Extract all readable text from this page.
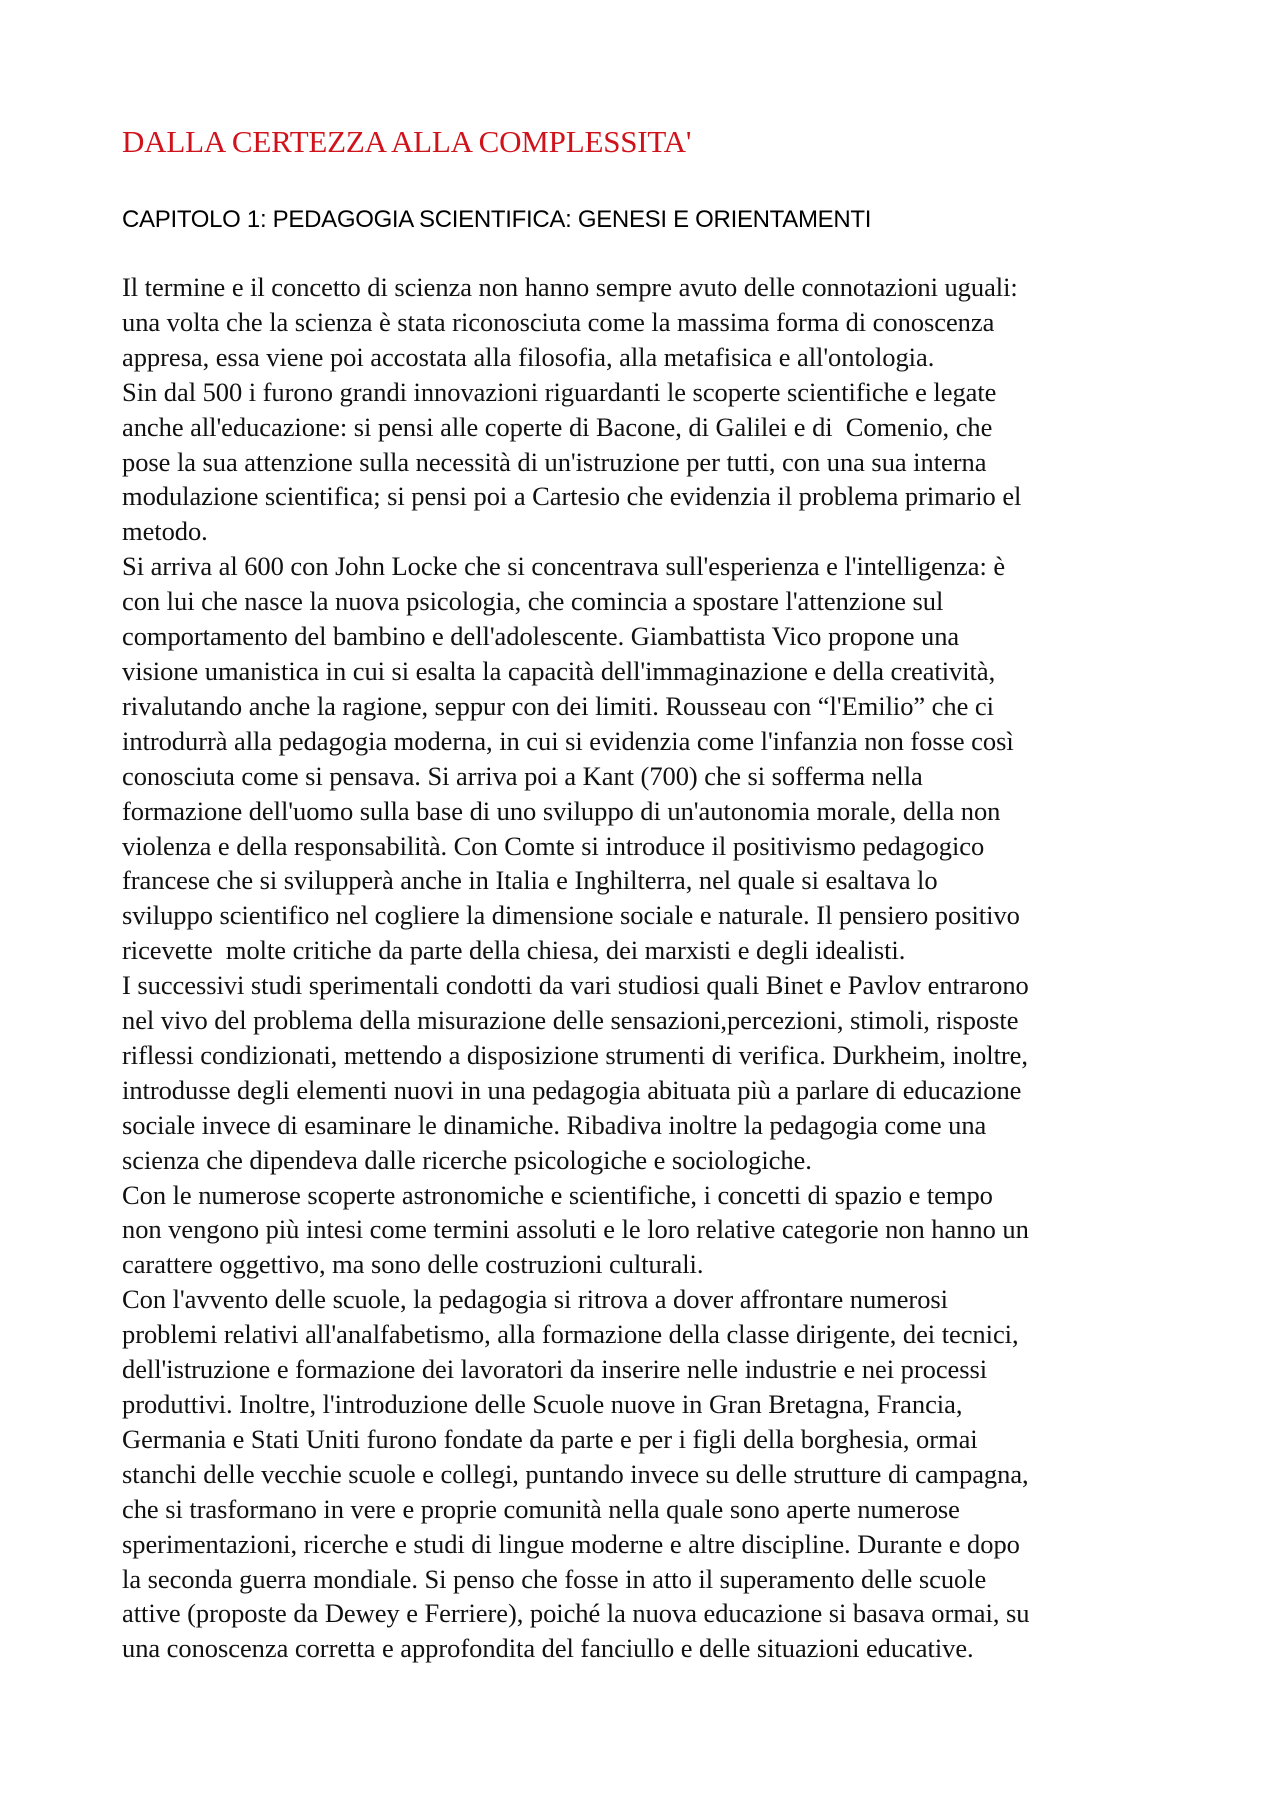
DALLA CERTEZZA ALLA COMPLESSITA'
CAPITOLO 1: PEDAGOGIA SCIENTIFICA: GENESI E ORIENTAMENTI
Il termine e il concetto di scienza non hanno sempre avuto delle connotazioni uguali:
una volta che la scienza è stata riconosciuta come la massima forma di conoscenza
appresa, essa viene poi accostata alla filosofia, alla metafisica e all'ontologia.
Sin dal 500 i furono grandi innovazioni riguardanti le scoperte scientifiche e legate
anche all'educazione: si pensi alle coperte di Bacone, di Galilei e di  Comenio, che
pose la sua attenzione sulla necessità di un'istruzione per tutti, con una sua interna
modulazione scientifica; si pensi poi a Cartesio che evidenzia il problema primario el
metodo.
Si arriva al 600 con John Locke che si concentrava sull'esperienza e l'intelligenza: è
con lui che nasce la nuova psicologia, che comincia a spostare l'attenzione sul
comportamento del bambino e dell'adolescente. Giambattista Vico propone una
visione umanistica in cui si esalta la capacità dell'immaginazione e della creatività,
rivalutando anche la ragione, seppur con dei limiti. Rousseau con “l'Emilio” che ci
introdurrà alla pedagogia moderna, in cui si evidenzia come l'infanzia non fosse così
conosciuta come si pensava. Si arriva poi a Kant (700) che si sofferma nella
formazione dell'uomo sulla base di uno sviluppo di un'autonomia morale, della non
violenza e della responsabilità. Con Comte si introduce il positivismo pedagogico
francese che si svilupperà anche in Italia e Inghilterra, nel quale si esaltava lo
sviluppo scientifico nel cogliere la dimensione sociale e naturale. Il pensiero positivo
ricevette  molte critiche da parte della chiesa, dei marxisti e degli idealisti.
I successivi studi sperimentali condotti da vari studiosi quali Binet e Pavlov entrarono
nel vivo del problema della misurazione delle sensazioni,percezioni, stimoli, risposte
riflessi condizionati, mettendo a disposizione strumenti di verifica. Durkheim, inoltre,
introdusse degli elementi nuovi in una pedagogia abituata più a parlare di educazione
sociale invece di esaminare le dinamiche. Ribadiva inoltre la pedagogia come una
scienza che dipendeva dalle ricerche psicologiche e sociologiche.
Con le numerose scoperte astronomiche e scientifiche, i concetti di spazio e tempo
non vengono più intesi come termini assoluti e le loro relative categorie non hanno un
carattere oggettivo, ma sono delle costruzioni culturali.
Con l'avvento delle scuole, la pedagogia si ritrova a dover affrontare numerosi
problemi relativi all'analfabetismo, alla formazione della classe dirigente, dei tecnici,
dell'istruzione e formazione dei lavoratori da inserire nelle industrie e nei processi
produttivi. Inoltre, l'introduzione delle Scuole nuove in Gran Bretagna, Francia,
Germania e Stati Uniti furono fondate da parte e per i figli della borghesia, ormai
stanchi delle vecchie scuole e collegi, puntando invece su delle strutture di campagna,
che si trasformano in vere e proprie comunità nella quale sono aperte numerose
sperimentazioni, ricerche e studi di lingue moderne e altre discipline. Durante e dopo
la seconda guerra mondiale. Si penso che fosse in atto il superamento delle scuole
attive (proposte da Dewey e Ferriere), poiché la nuova educazione si basava ormai, su
una conoscenza corretta e approfondita del fanciullo e delle situazioni educative.
